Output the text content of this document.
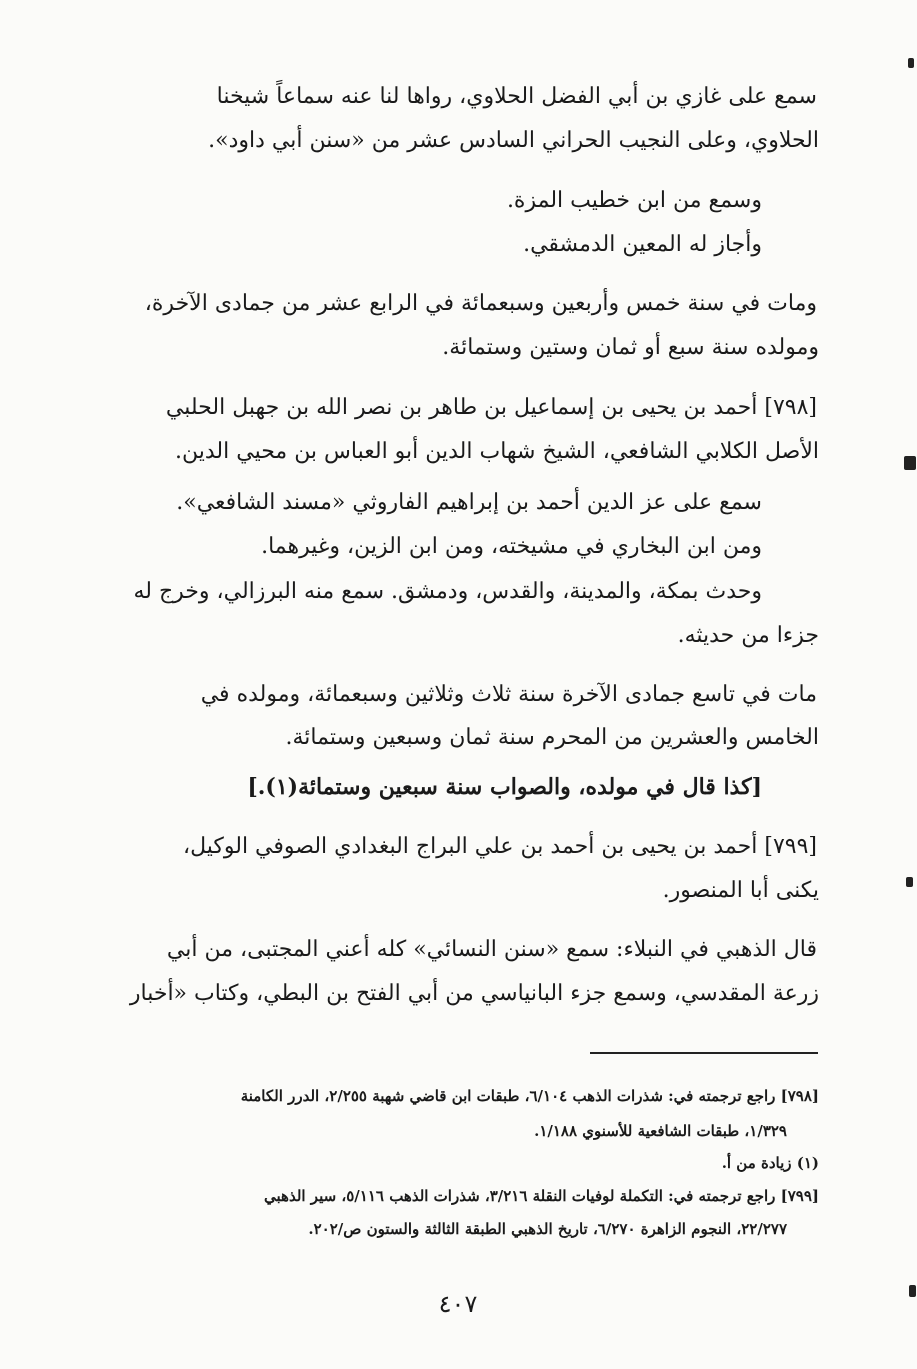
سمع على غازي بن أبي الفضل الحلاوي، رواها لنا عنه سماعاً شيخنا
الحلاوي، وعلى النجيب الحراني السادس عشر من «سنن أبي داود».
وسمع من ابن خطيب المزة.
وأجاز له المعين الدمشقي.
ومات في سنة خمس وأربعين وسبعمائة في الرابع عشر من جمادى الآخرة،
ومولده سنة سبع أو ثمان وستين وستمائة.
[٧٩٨] أحمد بن يحيى بن إسماعيل بن طاهر بن نصر الله بن جهبل الحلبي
الأصل الكلابي الشافعي، الشيخ شهاب الدين أبو العباس بن محيي الدين.
سمع على عز الدين أحمد بن إبراهيم الفاروثي «مسند الشافعي».
ومن ابن البخاري في مشيخته، ومن ابن الزين، وغيرهما.
وحدث بمكة، والمدينة، والقدس، ودمشق. سمع منه البرزالي، وخرج له
جزءا من حديثه.
مات في تاسع جمادى الآخرة سنة ثلاث وثلاثين وسبعمائة، ومولده في
الخامس والعشرين من المحرم سنة ثمان وسبعين وستمائة.
[كذا قال في مولده، والصواب سنة سبعين وستمائة(١).]
[٧٩٩] أحمد بن يحيى بن أحمد بن علي البراج البغدادي الصوفي الوكيل،
يكنى أبا المنصور.
قال الذهبي في النبلاء: سمع «سنن النسائي» كله أعني المجتبى، من أبي
زرعة المقدسي، وسمع جزء البانياسي من أبي الفتح بن البطي، وكتاب «أخبار
[٧٩٨] راجع ترجمته في: شذرات الذهب ٦/١٠٤، طبقات ابن قاضي شهبة ٢/٢٥٥، الدرر الكامنة
١/٣٢٩، طبقات الشافعية للأسنوي ١/١٨٨.
(١) زيادة من أ.
[٧٩٩] راجع ترجمته في: التكملة لوفيات النقلة ٣/٢١٦، شذرات الذهب ٥/١١٦، سير الذهبي
٢٢/٢٧٧، النجوم الزاهرة ٦/٢٧٠، تاريخ الذهبي الطبقة الثالثة والستون ص/٢٠٢.
٤٠٧
